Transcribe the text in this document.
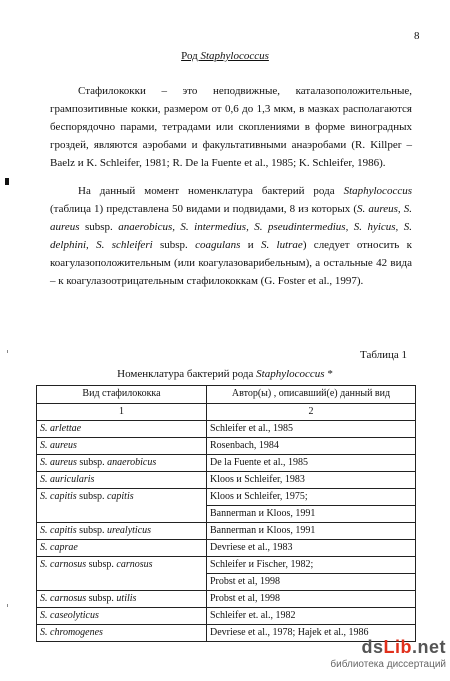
8
Род Staphylococcus
Стафилококки – это неподвижные, каталазоположительные, грампозитивные кокки, размером от 0,6 до 1,3 мкм, в мазках располагаются беспорядочно парами, тетрадами или скоплениями в форме виноградных гроздей, являются аэробами и факультативными анаэробами (R. Killper –Baelz и K. Schleifer, 1981; R. De la Fuente et al., 1985; K. Schleifer, 1986).
На данный момент номенклатура бактерий рода Staphylococcus (таблица 1) представлена 50 видами и подвидами, 8 из которых (S. aureus, S. aureus subsp. anaerobicus, S. intermedius, S. pseudintermedius, S. hyicus, S. delphini, S. schleiferi subsp. coagulans и S. lutrae) следует относить к коагулазоположительным (или коагулазоварибельным), а остальные 42 вида – к коагулазоотрицательным стафилококкам (G. Foster et al., 1997).
Таблица 1
Номенклатура бактерий рода Staphylococcus *
Вид стафилококка	Автор(ы) , описавший(е) данный вид
1	2
S. arlettae	Schleifer et al., 1985
S. aureus	Rosenbach, 1984
S. aureus subsp. anaerobicus	De la Fuente et al., 1985
S. auricularis	Kloos и Schleifer, 1983
S. capitis subsp. capitis	Kloos и Schleifer, 1975;
	Bannerman и Kloos, 1991
S. capitis subsp. urealyticus	Bannerman и Kloos, 1991
S. caprae	Devriese et al., 1983
S. carnosus subsp. carnosus	Schleifer и Fischer, 1982;
	Probst et al, 1998
S. carnosus subsp. utilis	Probst et al, 1998
S. caseolyticus	Schleifer et. al., 1982
S. chromogenes	Devriese et al., 1978; Hajek et al., 1986
dsLib.net
библиотека диссертаций
